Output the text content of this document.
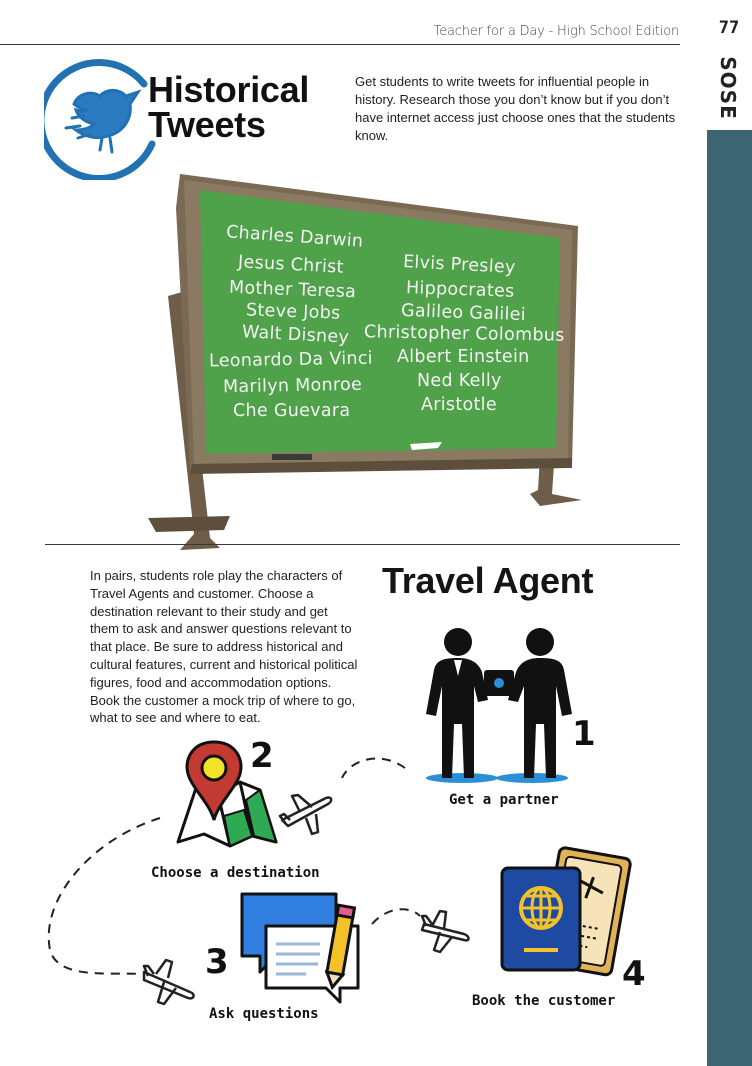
Teacher for a Day - High School Edition	77
SOSE
Historical
Tweets
Get students to write tweets for influential people in history. Research those you don’t know but if you don’t have internet access just choose ones that the students know.
Charles Darwin
Jesus Christ
Mother Teresa
Steve Jobs
Walt Disney
Leonardo Da Vinci
Marilyn Monroe
Che Guevara
Elvis Presley
Hippocrates
Galileo Galilei
Christopher Colombus
Albert Einstein
Ned Kelly
Aristotle
Travel Agent
In pairs, students role play the characters of Travel Agents and customer. Choose a destination relevant to their study and get them to ask and answer questions relevant to that place. Be sure to address historical and cultural features, current and historical political figures, food and accommodation options. Book the customer a mock trip of where to go, what to see and where to eat.	1
Get a partner
2
Choose a destination
3
Ask questions
4
Book the customer
